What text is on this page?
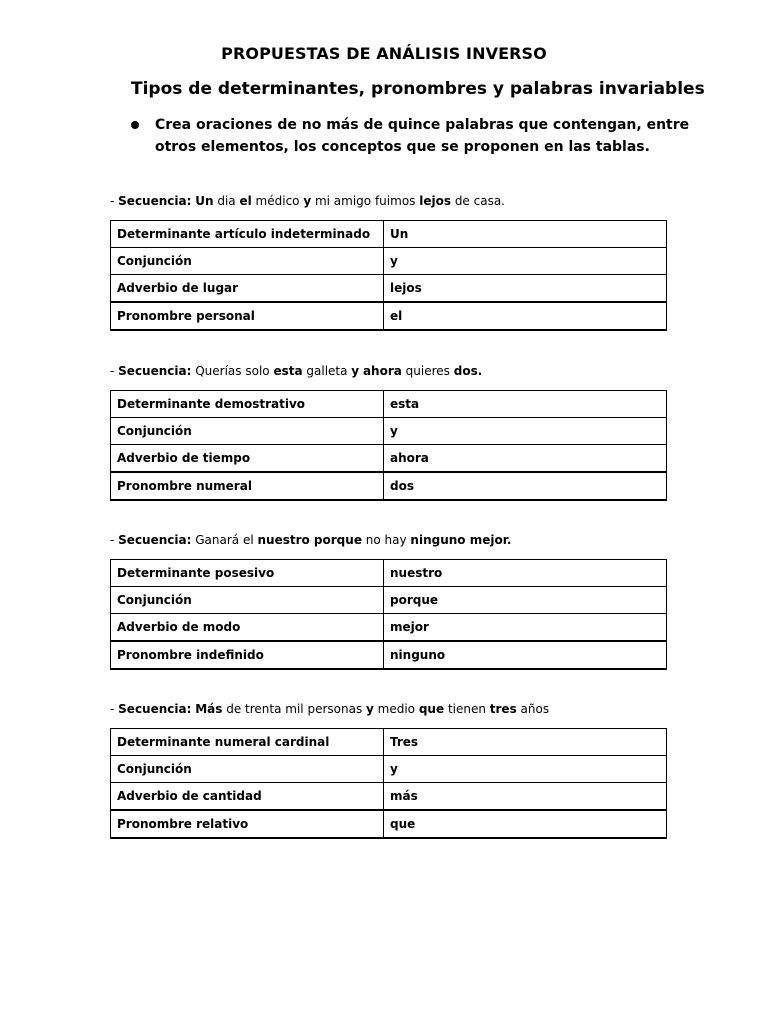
PROPUESTAS DE ANÁLISIS INVERSO
Tipos de determinantes, pronombres y palabras invariables
Crea oraciones de no más de quince palabras que contengan, entre otros elementos, los conceptos que se proponen en las tablas.
- Secuencia: Un dia el médico y mi amigo fuimos lejos de casa.
Determinante artículo indeterminado	Un
Conjunción	y
Adverbio de lugar	lejos
Pronombre personal	el
- Secuencia: Querías solo esta galleta y ahora quieres dos.
Determinante demostrativo	esta
Conjunción	y
Adverbio de tiempo	ahora
Pronombre numeral	dos
- Secuencia: Ganará el nuestro porque no hay ninguno mejor.
Determinante posesivo	nuestro
Conjunción	porque
Adverbio de modo	mejor
Pronombre indefinido	ninguno
- Secuencia: Más de trenta mil personas y medio que tienen tres años
Determinante numeral cardinal	Tres
Conjunción	y
Adverbio de cantidad	más
Pronombre relativo	que
